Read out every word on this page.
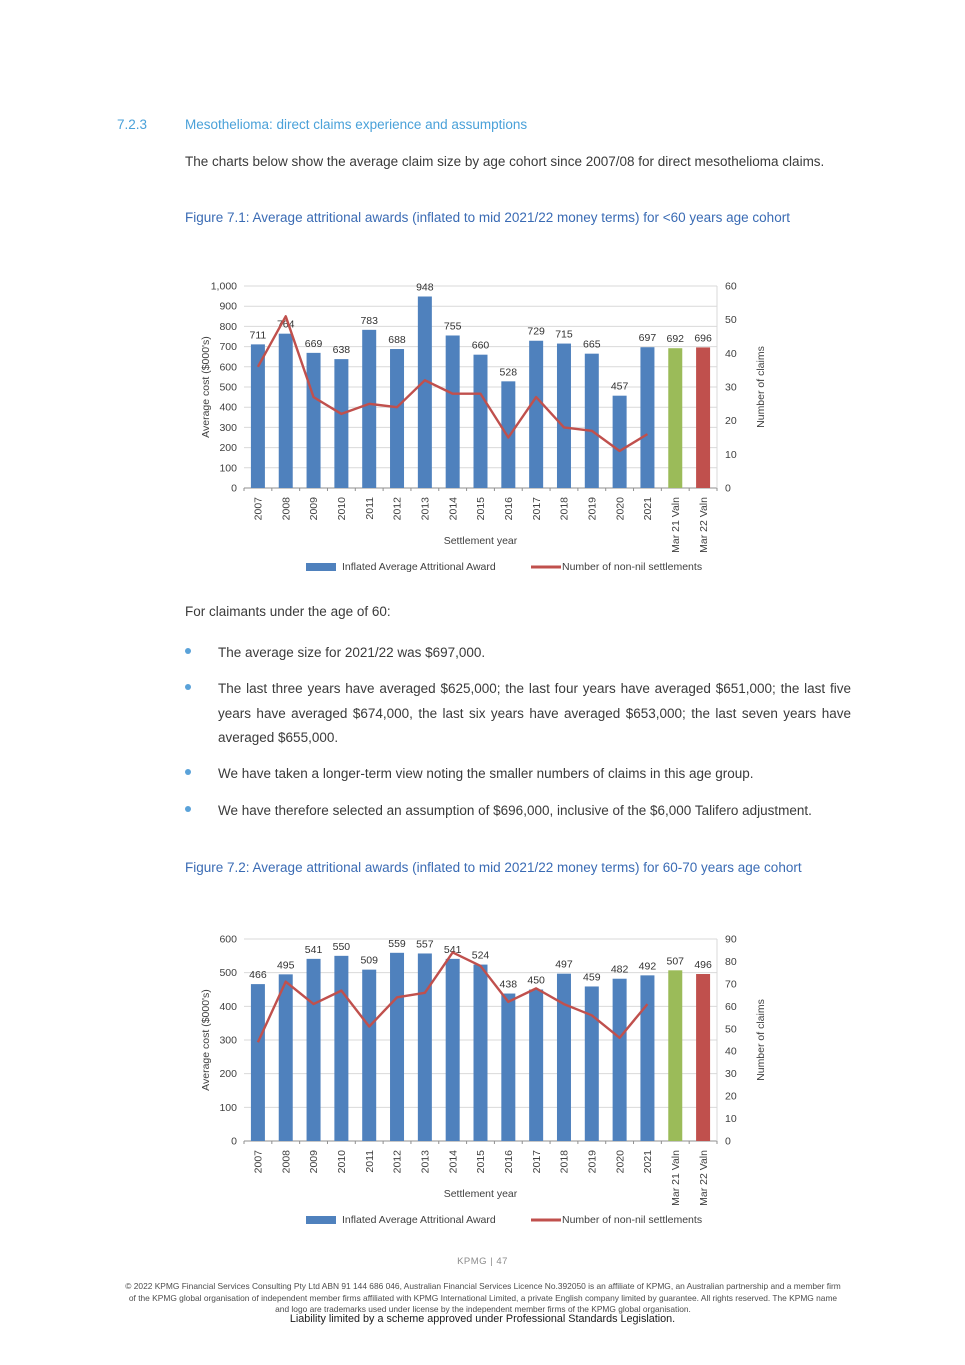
7.2.3	Mesothelioma: direct claims experience and assumptions

The charts below show the average claim size by age cohort since 2007/08 for direct mesothelioma claims.

Figure 7.1: Average attritional awards (inflated to mid 2021/22 money terms) for <60 years age cohort

0
100
200
300
400
500
600
700
800
900
1,000
0
10
20
30
40
50
60
711
764
669
638
783
688
948
755
660
528
729 715
665
457
697 692 696
2007 2008 2009 2010 2011 2012 2013 2014 2015 2016 2017 2018 2019 2020 2021 Mar 21 Valn Mar 22 Valn
Average cost ($000's)	Number of claims
Settlement year
Inflated Average Attritional Award	Number of non-nil settlements

For claimants under the age of 60:

The average size for 2021/22 was $697,000.
The last three years have averaged $625,000; the last four years have averaged $651,000; the last five years have averaged $674,000, the last six years have averaged $653,000; the last seven years have averaged $655,000.
We have taken a longer-term view noting the smaller numbers of claims in this age group.
We have therefore selected an assumption of $696,000, inclusive of the $6,000 Talifero adjustment.

Figure 7.2: Average attritional awards (inflated to mid 2021/22 money terms) for 60-70 years age cohort

0
100
200
300
400
500
600
0
10
20
30
40
50
60
70
80
90
466
495
541 550
509
559 557 541 524
438 450
497
459
482 492 507 496
2007 2008 2009 2010 2011 2012 2013 2014 2015 2016 2017 2018 2019 2020 2021 Mar 21 Valn Mar 22 Valn
Average cost ($000's)	Number of claims
Settlement year
Inflated Average Attritional Award	Number of non-nil settlements
KPMG | 47

© 2022 KPMG Financial Services Consulting Pty Ltd ABN 91 144 686 046, Australian Financial Services Licence No.392050 is an affiliate of KPMG, an Australian partnership and a member firm of the KPMG global organisation of independent member firms affiliated with KPMG International Limited, a private English company limited by guarantee. All rights reserved. The KPMG name and logo are trademarks used under license by the independent member firms of the KPMG global organisation.

Liability limited by a scheme approved under Professional Standards Legislation.
